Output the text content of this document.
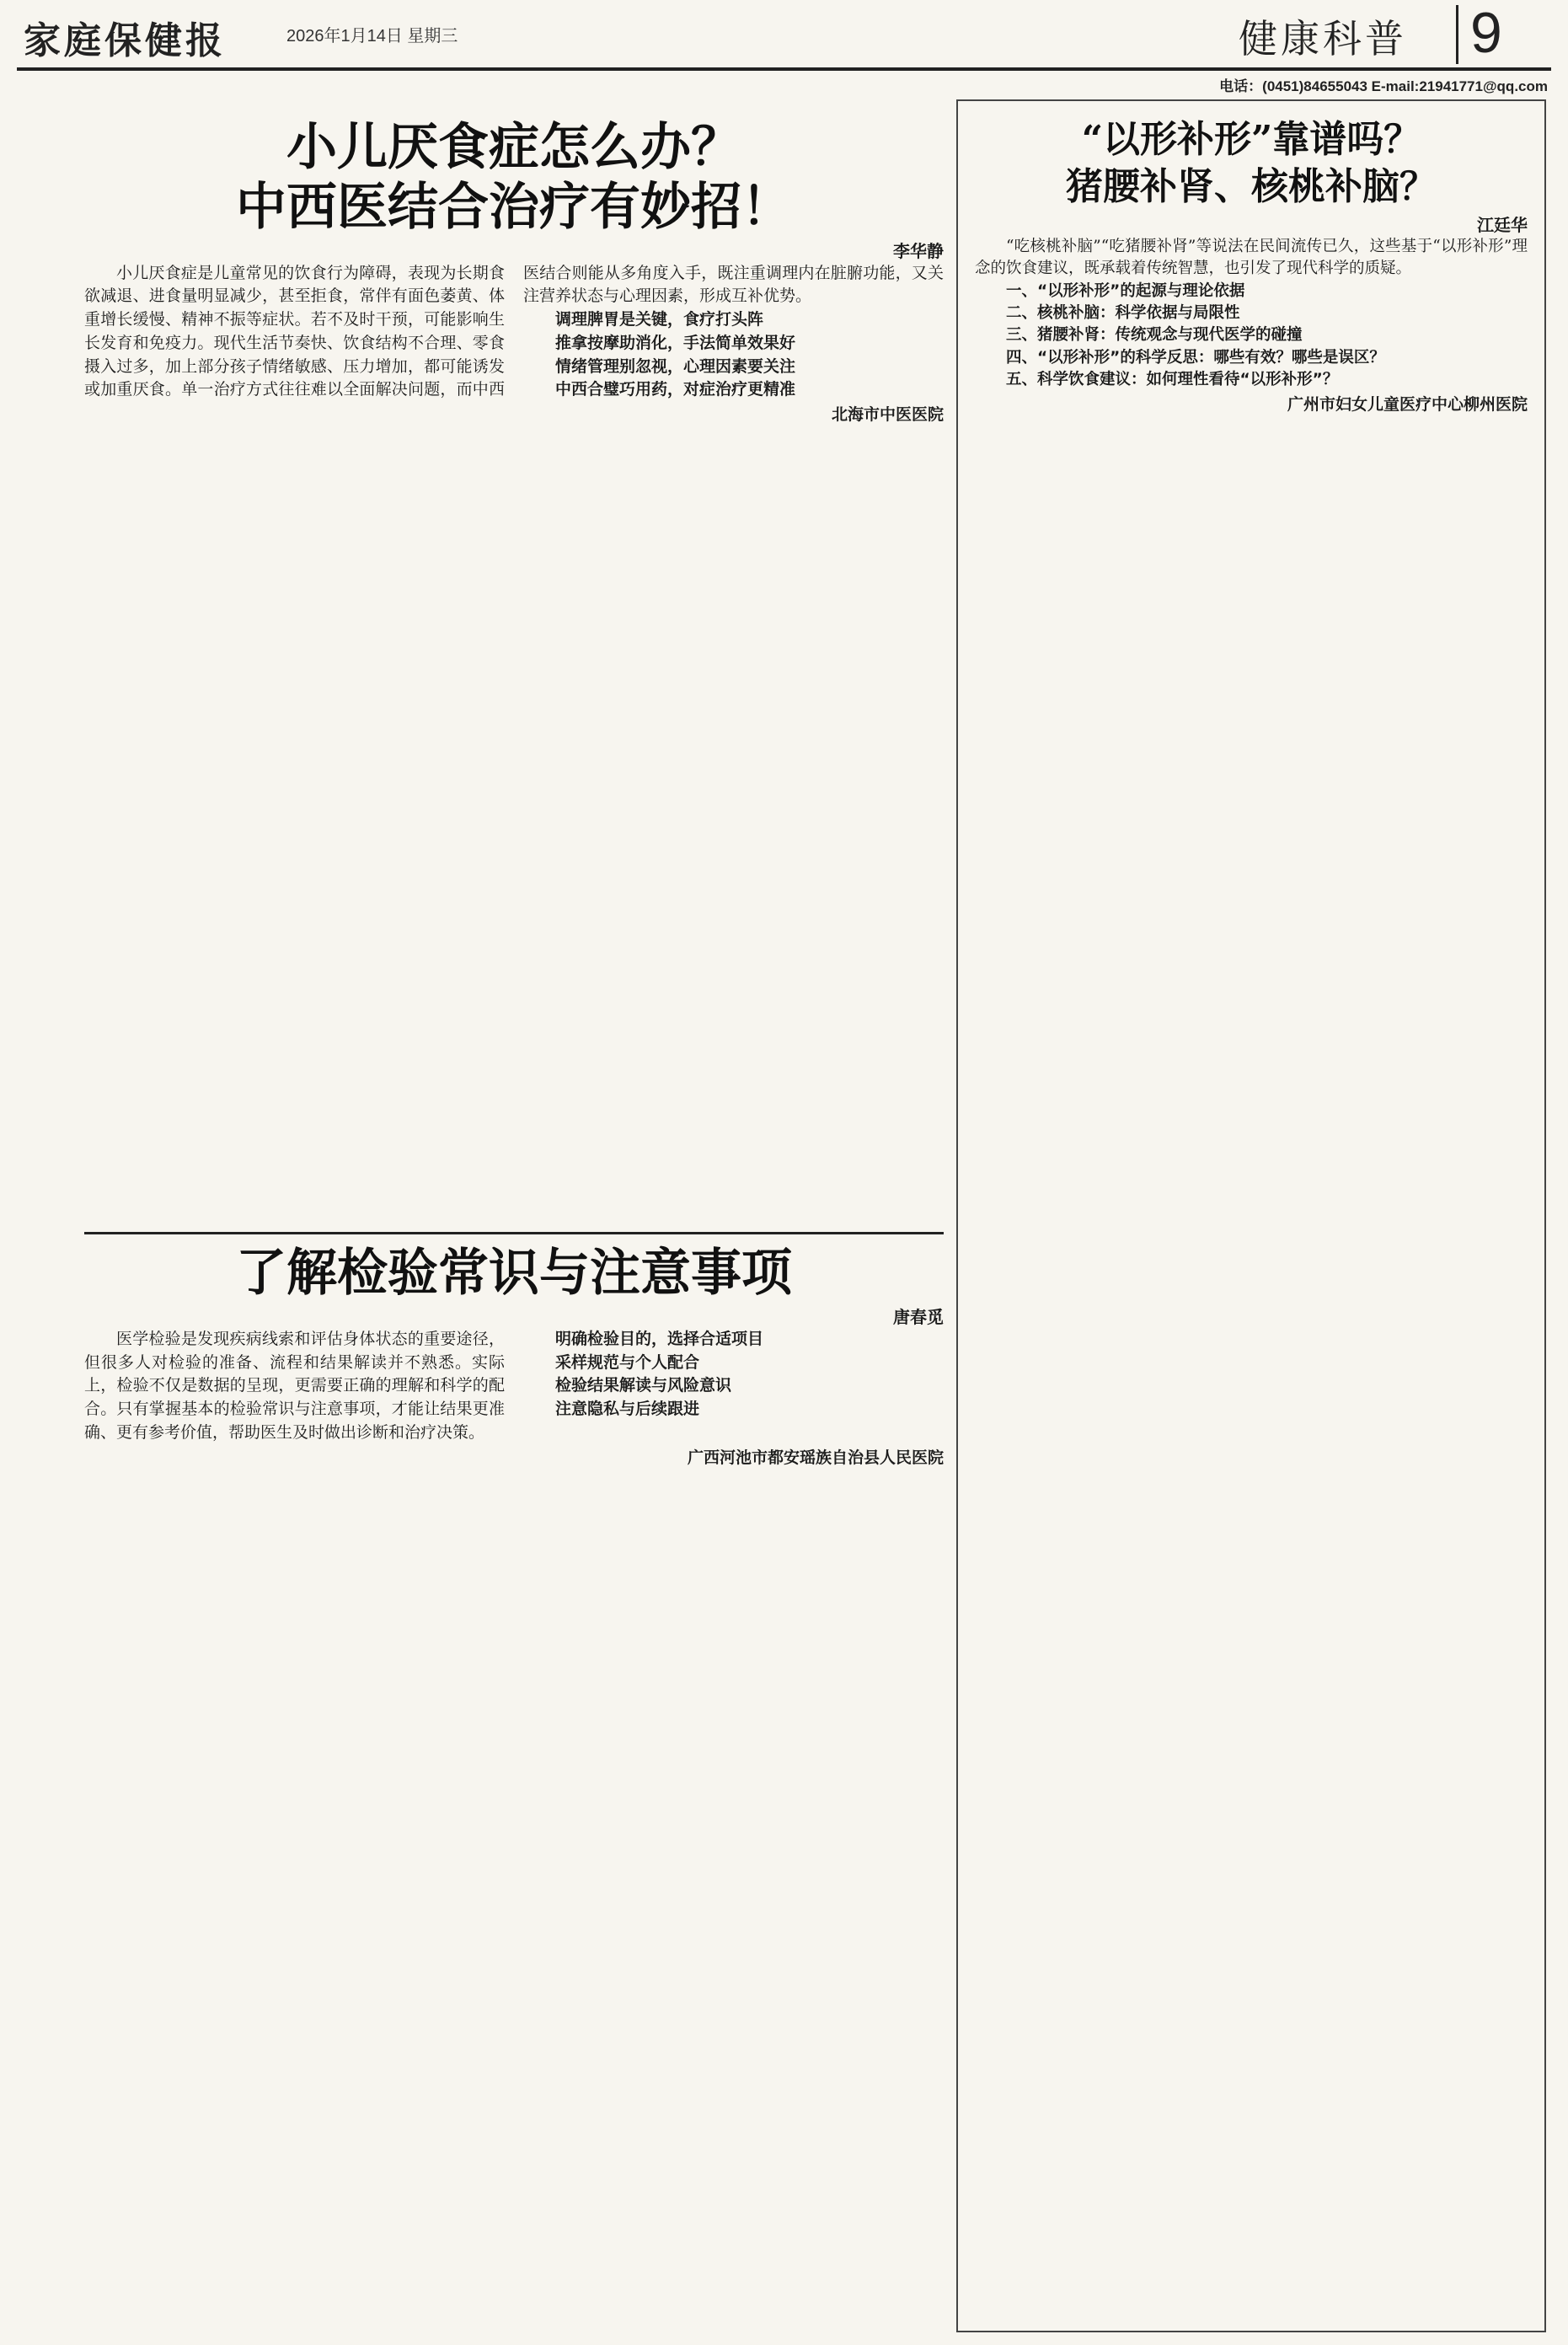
家庭保健报	2026年1月14日 星期三	健康科普 9
电话：(0451)84655043 E-mail:21941771@qq.com
小儿厌食症怎么办？
中西医结合治疗有妙招！
李华静

小儿厌食症是儿童常见的饮食行为障碍，表现为长期食欲减退、进食量明显减少，甚至拒食，常伴有面色萎黄、体重增长缓慢、精神不振等症状。若不及时干预，可能影响生长发育和免疫力。现代生活节奏快、饮食结构不合理、零食摄入过多，加上部分孩子情绪敏感、压力增加，都可能诱发或加重厌食。单一治疗方式往往难以全面解决问题，而中西医结合则能从多角度入手，既注重调理内在脏腑功能，又关注营养状态与心理因素，形成互补优势。

调理脾胃是关键，食疗打头阵

推拿按摩助消化，手法简单效果好

情绪管理别忽视，心理因素要关注

中西合璧巧用药，对症治疗更精准

北海市中医医院
了解检验常识与注意事项
唐春觅

医学检验是发现疾病线索和评估身体状态的重要途径，但很多人对检验的准备、流程和结果解读并不熟悉。实际上，检验不仅是数据的呈现，更需要正确的理解和科学的配合。只有掌握基本的检验常识与注意事项，才能让结果更准确、更有参考价值，帮助医生及时做出诊断和治疗决策。

明确检验目的，选择合适项目

采样规范与个人配合

检验结果解读与风险意识

注意隐私与后续跟进

广西河池市都安瑶族自治县人民医院
“以形补形”靠谱吗？
猪腰补肾、核桃补脑？
江廷华

“吃核桃补脑”“吃猪腰补肾”等说法在民间流传已久，这些基于“以形补形”理念的饮食建议，既承载着传统智慧，也引发了现代科学的质疑。

一、“以形补形”的起源与理论依据

二、核桃补脑：科学依据与局限性

三、猪腰补肾：传统观念与现代医学的碰撞

四、“以形补形”的科学反思：哪些有效？哪些是误区？

五、科学饮食建议：如何理性看待“以形补形”？

广州市妇女儿童医疗中心柳州医院
